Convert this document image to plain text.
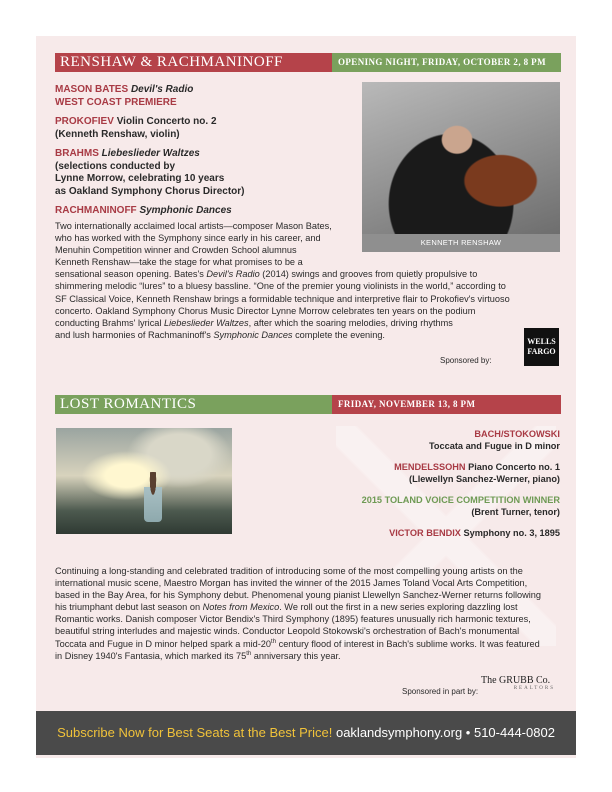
RENSHAW & RACHMANINOFF	OPENING NIGHT, FRIDAY, OCTOBER 2, 8 PM
MASON BATES Devil's Radio
WEST COAST PREMIERE
PROKOFIEV Violin Concerto no. 2
(Kenneth Renshaw, violin)
BRAHMS Liebeslieder Waltzes
(selections conducted by
Lynne Morrow, celebrating 10 years
as Oakland Symphony Chorus Director)
RACHMANINOFF Symphonic Dances
KENNETH RENSHAW
Two internationally acclaimed local artists—composer Mason Bates,
who has worked with the Symphony since early in his career, and
Menuhin Competition winner and Crowden School alumnus
Kenneth Renshaw—take the stage for what promises to be a
sensational season opening. Bates's Devil's Radio (2014) swings and grooves from quietly propulsive to
shimmering melodic “lures” to a bluesy bassline. “One of the premier young violinists in the world,” according to
SF Classical Voice, Kenneth Renshaw brings a formidable technique and interpretive flair to Prokofiev's virtuoso
concerto. Oakland Symphony Chorus Music Director Lynne Morrow celebrates ten years on the podium
conducting Brahms' lyrical Liebeslieder Waltzes, after which the soaring melodies, driving rhythms
and lush harmonies of Rachmaninoff's Symphonic Dances complete the evening.
Sponsored by:
WELLS FARGO
LOST ROMANTICS	FRIDAY, NOVEMBER 13, 8 PM
BACH/STOKOWSKI
Toccata and Fugue in D minor
MENDELSSOHN Piano Concerto no. 1
(Llewellyn Sanchez-Werner, piano)
2015 TOLAND VOICE COMPETITION WINNER
(Brent Turner, tenor)
VICTOR BENDIX Symphony no. 3, 1895
Continuing a long-standing and celebrated tradition of introducing some of the most compelling young artists on the
international music scene, Maestro Morgan has invited the winner of the 2015 James Toland Vocal Arts Competition,
based in the Bay Area, for his Symphony debut. Phenomenal young pianist Llewellyn Sanchez-Werner returns following
his triumphant debut last season on Notes from Mexico. We roll out the first in a new series exploring dazzling lost
Romantic works. Danish composer Victor Bendix's Third Symphony (1895) features unusually rich harmonic textures,
beautiful string interludes and majestic winds. Conductor Leopold Stokowski's orchestration of Bach's monumental
Toccata and Fugue in D minor helped spark a mid-20th century flood of interest in Bach's sublime works. It was featured
in Disney 1940's Fantasia, which marked its 75th anniversary this year.
Sponsored in part by:
The GRUBB Co.
REALTORS
Subscribe Now for Best Seats at the Best Price! oaklandsymphony.org • 510-444-0802
